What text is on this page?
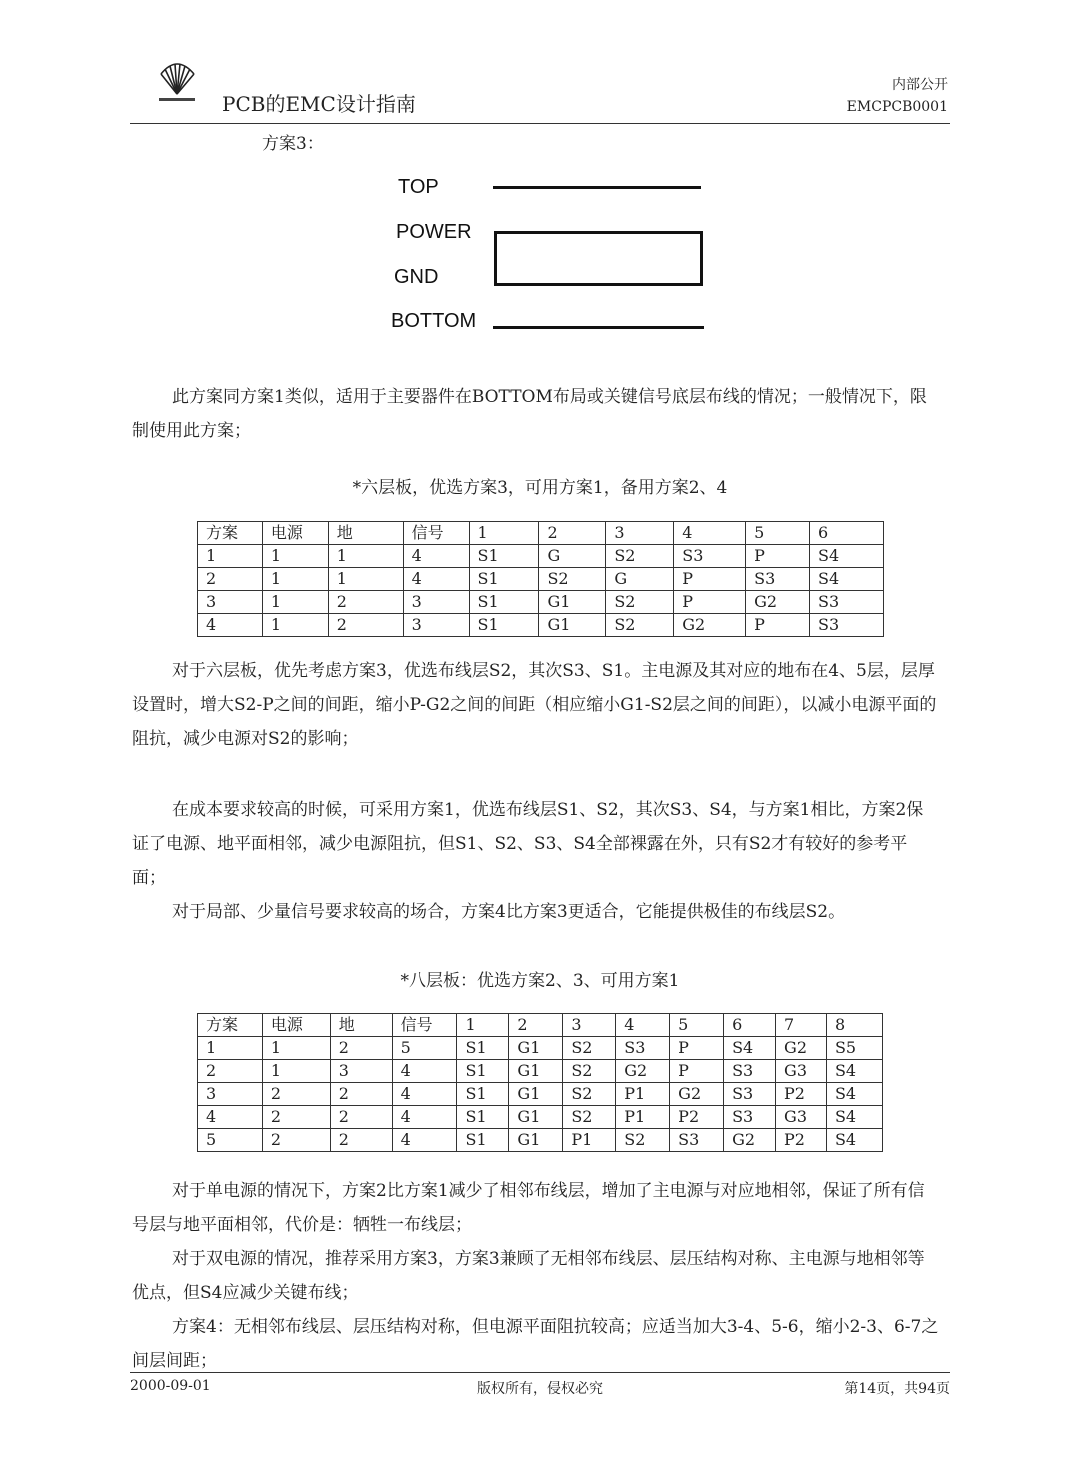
PCB的EMC设计指南
内部公开
EMCPCB0001
方案3：
TOP
POWER
GND
BOTTOM
此方案同方案1类似，适用于主要器件在BOTTOM布局或关键信号底层布线的情况；一般情况下，限制使用此方案；
*六层板，优选方案3，可用方案1，备用方案2、4
方案	电源	地	信号	1	2	3	4	5	6
1	1	1	4	S1	G	S2	S3	P	S4
2	1	1	4	S1	S2	G	P	S3	S4
3	1	2	3	S1	G1	S2	P	G2	S3
4	1	2	3	S1	G1	S2	G2	P	S3
对于六层板，优先考虑方案3，优选布线层S2，其次S3、S1。主电源及其对应的地布在4、5层，层厚设置时，增大S2-P之间的间距，缩小P-G2之间的间距（相应缩小G1-S2层之间的间距），以减小电源平面的阻抗，减少电源对S2的影响；
在成本要求较高的时候，可采用方案1，优选布线层S1、S2，其次S3、S4，与方案1相比，方案2保证了电源、地平面相邻，减少电源阻抗，但S1、S2、S3、S4全部裸露在外，只有S2才有较好的参考平面；
对于局部、少量信号要求较高的场合，方案4比方案3更适合，它能提供极佳的布线层S2。
*八层板：优选方案2、3、可用方案1
方案	电源	地	信号	1	2	3	4	5	6	7	8
1	1	2	5	S1	G1	S2	S3	P	S4	G2	S5
2	1	3	4	S1	G1	S2	G2	P	S3	G3	S4
3	2	2	4	S1	G1	S2	P1	G2	S3	P2	S4
4	2	2	4	S1	G1	S2	P1	P2	S3	G3	S4
5	2	2	4	S1	G1	P1	S2	S3	G2	P2	S4
对于单电源的情况下，方案2比方案1减少了相邻布线层，增加了主电源与对应地相邻，保证了所有信号层与地平面相邻，代价是：牺牲一布线层；
对于双电源的情况，推荐采用方案3，方案3兼顾了无相邻布线层、层压结构对称、主电源与地相邻等优点，但S4应减少关键布线；
方案4：无相邻布线层、层压结构对称，但电源平面阻抗较高；应适当加大3-4、5-6，缩小2-3、6-7之间层间距；
2000-09-01	版权所有，侵权必究	第14页，共94页
